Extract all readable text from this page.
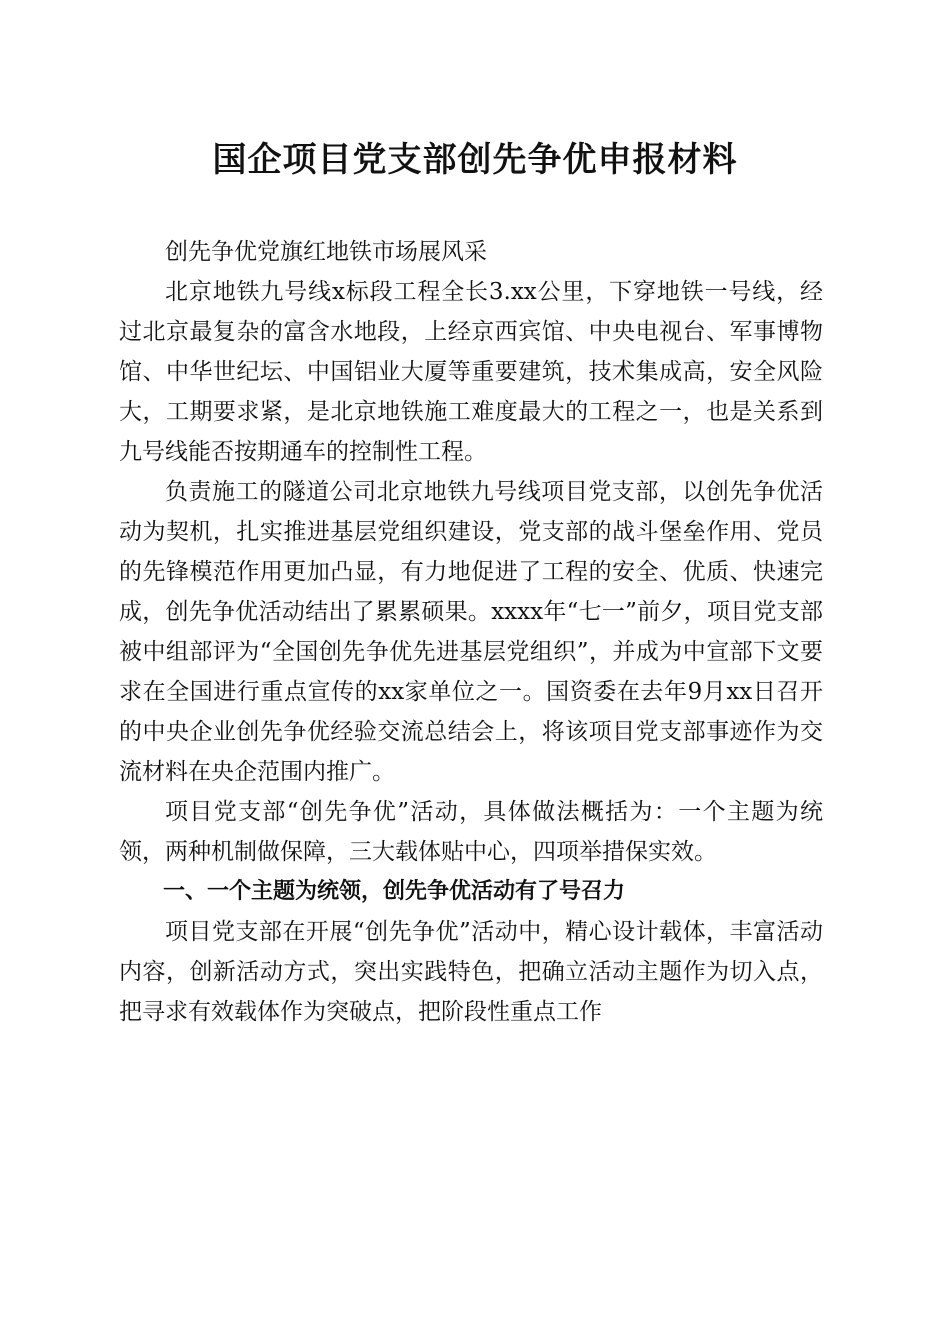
国企项目党支部创先争优申报材料

创先争优党旗红地铁市场展风采

北京地铁九号线x标段工程全长3.xx公里，下穿地铁一号线，经过北京最复杂的富含水地段，上经京西宾馆、中央电视台、军事博物馆、中华世纪坛、中国铝业大厦等重要建筑，技术集成高，安全风险大，工期要求紧，是北京地铁施工难度最大的工程之一，也是关系到九号线能否按期通车的控制性工程。

负责施工的隧道公司北京地铁九号线项目党支部，以创先争优活动为契机，扎实推进基层党组织建设，党支部的战斗堡垒作用、党员的先锋模范作用更加凸显，有力地促进了工程的安全、优质、快速完成，创先争优活动结出了累累硕果。xxxx年“七一”前夕，项目党支部被中组部评为“全国创先争优先进基层党组织”，并成为中宣部下文要求在全国进行重点宣传的xx家单位之一。国资委在去年9月xx日召开的中央企业创先争优经验交流总结会上，将该项目党支部事迹作为交流材料在央企范围内推广。

项目党支部“创先争优”活动，具体做法概括为：一个主题为统领，两种机制做保障，三大载体贴中心，四项举措保实效。

一、一个主题为统领，创先争优活动有了号召力

项目党支部在开展“创先争优”活动中，精心设计载体，丰富活动内容，创新活动方式，突出实践特色，把确立活动主题作为切入点，把寻求有效载体作为突破点，把阶段性重点工作
